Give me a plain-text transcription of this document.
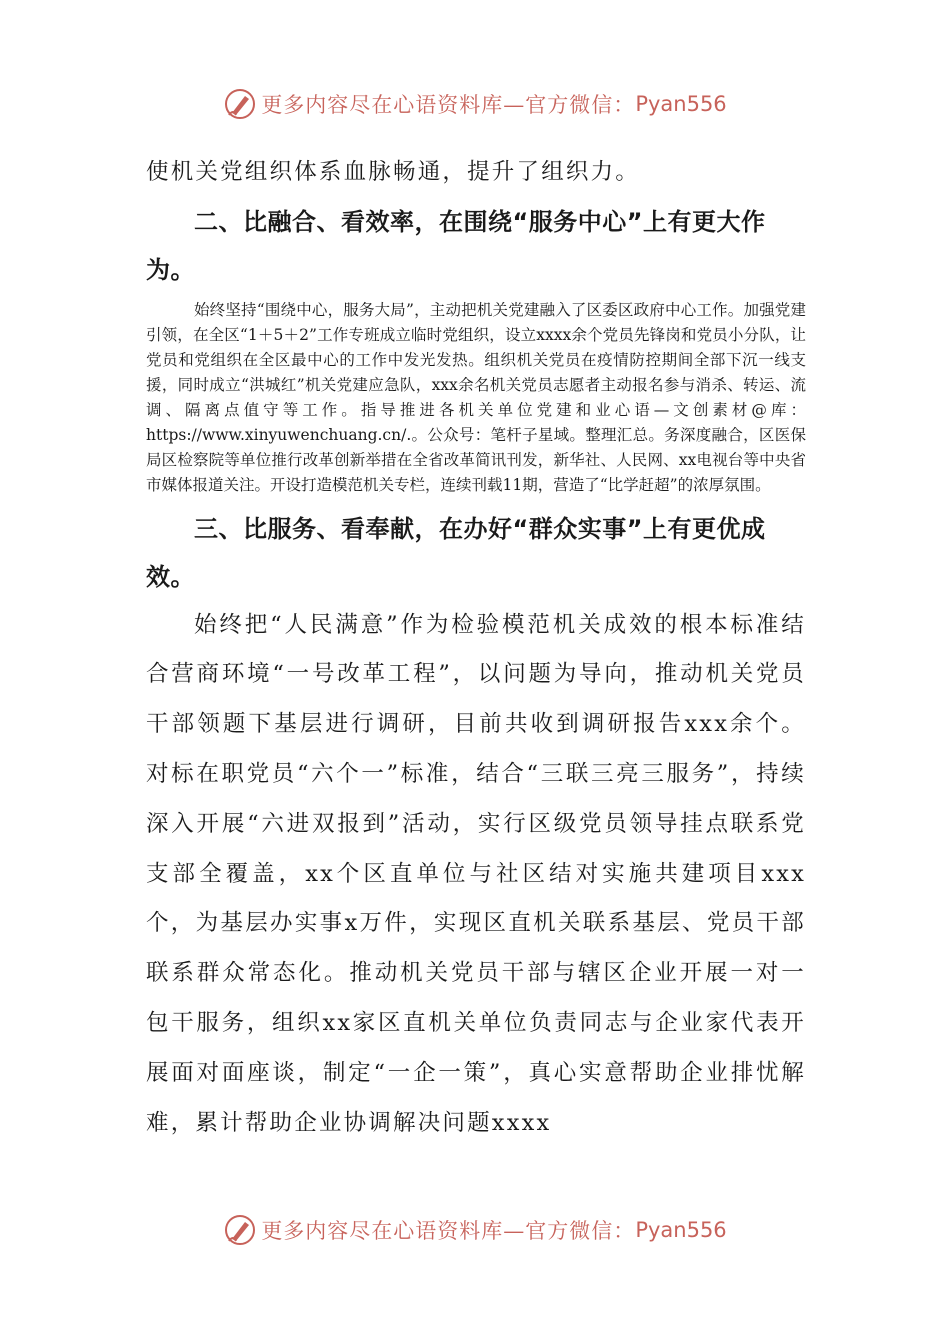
更多内容尽在心语资料库—官方微信： Pyan556

使机关党组织体系血脉畅通，提升了组织力。

二、比融合、看效率，在围绕“服务中心”上有更大作为。

始终坚持“围绕中心，服务大局”，主动把机关党建融入了区委区政府中心工作。加强党建引领，在全区“1＋5＋2”工作专班成立临时党组织，设立xxxx余个党员先锋岗和党员小分队，让党员和党组织在全区最中心的工作中发光发热。组织机关党员在疫情防控期间全部下沉一线支援，同时成立“洪城红”机关党建应急队，xxx余名机关党员志愿者主动报名参与消杀、转运、流调、隔离点值守等工作。指导推进各机关单位党建和业心语—文创素材@库：https://www.xinyuwenchuang.cn/.。公众号：笔杆子星域。整理汇总。务深度融合，区医保局区检察院等单位推行改革创新举措在全省改革简讯刊发，新华社、人民网、xx电视台等中央省市媒体报道关注。开设打造模范机关专栏，连续刊载11期，营造了“比学赶超”的浓厚氛围。

三、比服务、看奉献，在办好“群众实事”上有更优成效。

始终把“人民满意”作为检验模范机关成效的根本标准结合营商环境“一号改革工程”，以问题为导向，推动机关党员干部领题下基层进行调研，目前共收到调研报告xxx余个。对标在职党员“六个一”标准，结合“三联三亮三服务”，持续深入开展“六进双报到”活动，实行区级党员领导挂点联系党支部全覆盖，xx个区直单位与社区结对实施共建项目xxx个，为基层办实事x万件，实现区直机关联系基层、党员干部联系群众常态化。推动机关党员干部与辖区企业开展一对一包干服务，组织xx家区直机关单位负责同志与企业家代表开展面对面座谈，制定“一企一策”，真心实意帮助企业排忧解难，累计帮助企业协调解决问题xxxx

更多内容尽在心语资料库—官方微信： Pyan556
